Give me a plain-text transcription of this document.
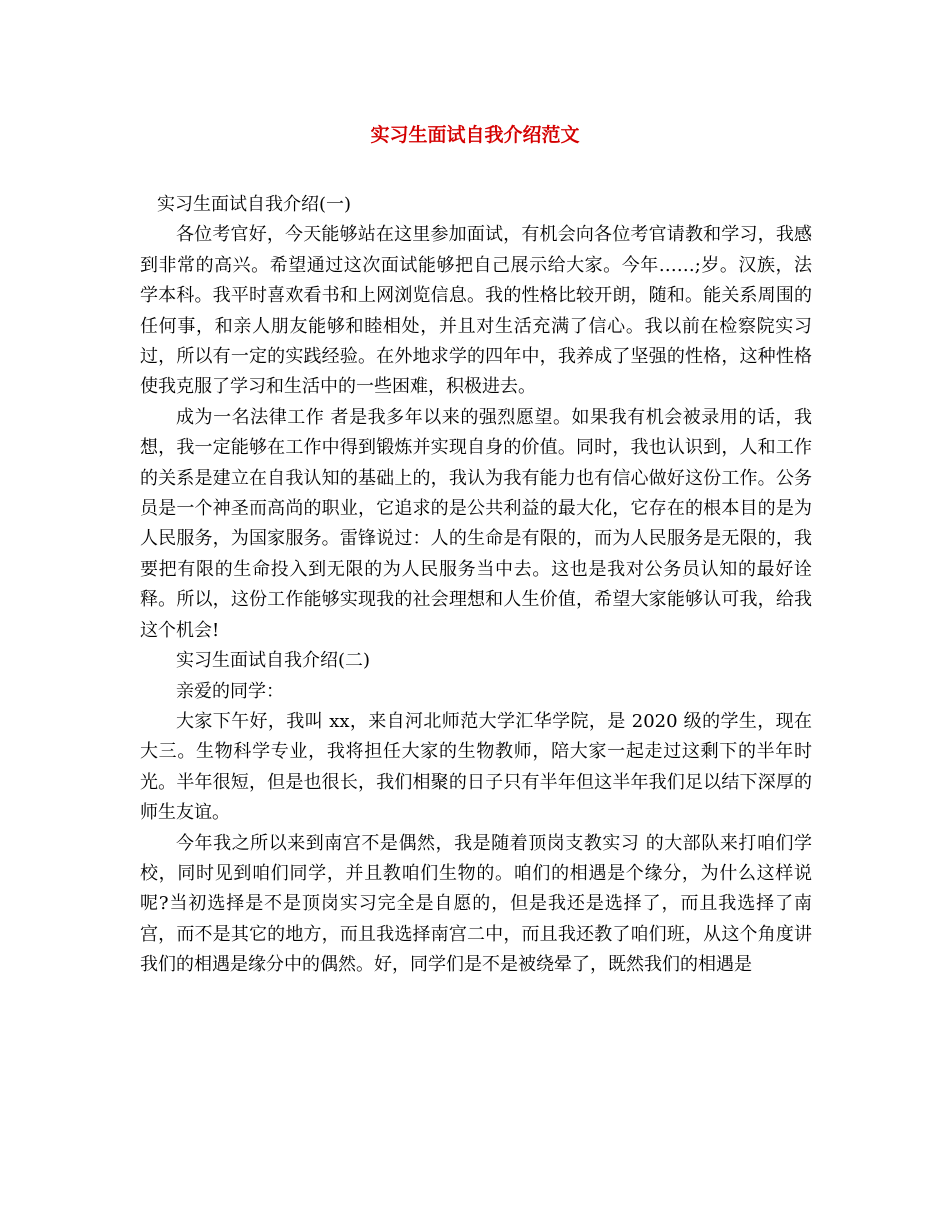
实习生面试自我介绍范文

实习生面试自我介绍(一)

各位考官好，今天能够站在这里参加面试，有机会向各位考官请教和学习，我感到非常的高兴。希望通过这次面试能够把自己展示给大家。今年……;岁。汉族，法学本科。我平时喜欢看书和上网浏览信息。我的性格比较开朗，随和。能关系周围的任何事，和亲人朋友能够和睦相处，并且对生活充满了信心。我以前在检察院实习过，所以有一定的实践经验。在外地求学的四年中，我养成了坚强的性格，这种性格使我克服了学习和生活中的一些困难，积极进去。

成为一名法律工作 者是我多年以来的强烈愿望。如果我有机会被录用的话，我想，我一定能够在工作中得到锻炼并实现自身的价值。同时，我也认识到，人和工作的关系是建立在自我认知的基础上的，我认为我有能力也有信心做好这份工作。公务员是一个神圣而高尚的职业，它追求的是公共利益的最大化，它存在的根本目的是为人民服务，为国家服务。雷锋说过：人的生命是有限的，而为人民服务是无限的，我要把有限的生命投入到无限的为人民服务当中去。这也是我对公务员认知的最好诠释。所以，这份工作能够实现我的社会理想和人生价值，希望大家能够认可我，给我这个机会!

实习生面试自我介绍(二)

亲爱的同学：

大家下午好，我叫 xx，来自河北师范大学汇华学院，是 2020 级的学生，现在大三。生物科学专业，我将担任大家的生物教师，陪大家一起走过这剩下的半年时光。半年很短，但是也很长，我们相聚的日子只有半年但这半年我们足以结下深厚的师生友谊。

今年我之所以来到南宫不是偶然，我是随着顶岗支教实习 的大部队来打咱们学校，同时见到咱们同学，并且教咱们生物的。咱们的相遇是个缘分，为什么这样说呢?当初选择是不是顶岗实习完全是自愿的，但是我还是选择了，而且我选择了南宫，而不是其它的地方，而且我选择南宫二中，而且我还教了咱们班，从这个角度讲我们的相遇是缘分中的偶然。好，同学们是不是被绕晕了，既然我们的相遇是
